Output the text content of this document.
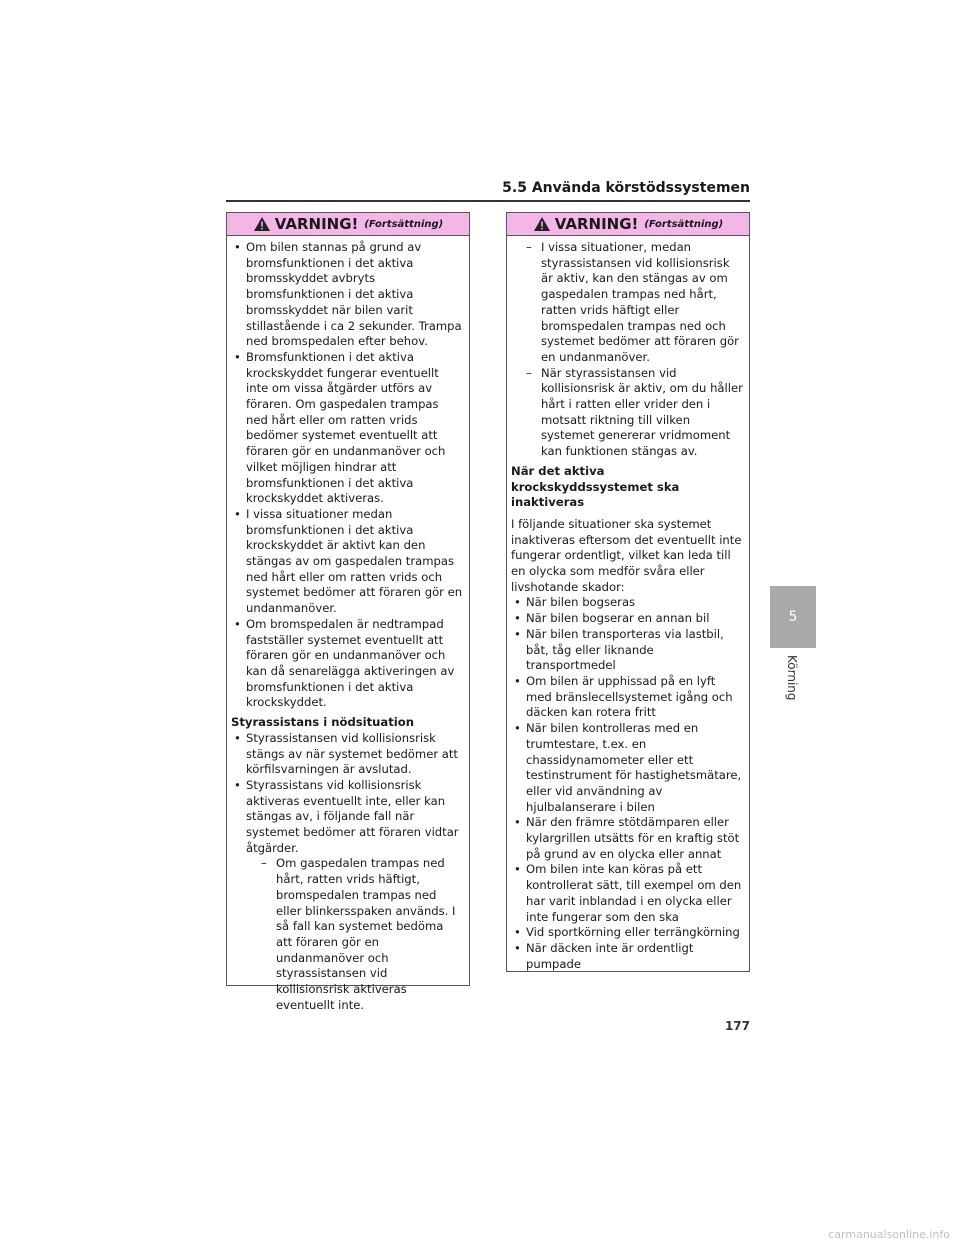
5.5 Använda körstödssystemen
VARNING! (Fortsättning)
• Om bilen stannas på grund av bromsfunktionen i det aktiva bromsskyddet avbryts bromsfunktionen i det aktiva bromsskyddet när bilen varit stillastående i ca 2 sekunder. Trampa ned bromspedalen efter behov.
• Bromsfunktionen i det aktiva krockskyddet fungerar eventuellt inte om vissa åtgärder utförs av föraren. Om gaspedalen trampas ned hårt eller om ratten vrids bedömer systemet eventuellt att föraren gör en undanmanöver och vilket möjligen hindrar att bromsfunktionen i det aktiva krockskyddet aktiveras.
• I vissa situationer medan bromsfunktionen i det aktiva krockskyddet är aktivt kan den stängas av om gaspedalen trampas ned hårt eller om ratten vrids och systemet bedömer att föraren gör en undanmanöver.
• Om bromspedalen är nedtrampad fastställer systemet eventuellt att föraren gör en undanmanöver och kan då senarelägga aktiveringen av bromsfunktionen i det aktiva krockskyddet.
Styrassistans i nödsituation
• Styrassistansen vid kollisionsrisk stängs av när systemet bedömer att körfilsvarningen är avslutad.
• Styrassistans vid kollisionsrisk aktiveras eventuellt inte, eller kan stängas av, i följande fall när systemet bedömer att föraren vidtar åtgärder.
– Om gaspedalen trampas ned hårt, ratten vrids häftigt, bromspedalen trampas ned eller blinkersspaken används. I så fall kan systemet bedöma att föraren gör en undanmanöver och styrassistansen vid kollisionsrisk aktiveras eventuellt inte.
VARNING! (Fortsättning)
– I vissa situationer, medan styrassistansen vid kollisionsrisk är aktiv, kan den stängas av om gaspedalen trampas ned hårt, ratten vrids häftigt eller bromspedalen trampas ned och systemet bedömer att föraren gör en undanmanöver.
– När styrassistansen vid kollisionsrisk är aktiv, om du håller hårt i ratten eller vrider den i motsatt riktning till vilken systemet genererar vridmoment kan funktionen stängas av.
När det aktiva krockskyddssystemet ska inaktiveras
I följande situationer ska systemet inaktiveras eftersom det eventuellt inte fungerar ordentligt, vilket kan leda till en olycka som medför svåra eller livshotande skador:
• När bilen bogseras
• När bilen bogserar en annan bil
• När bilen transporteras via lastbil, båt, tåg eller liknande transportmedel
• Om bilen är upphissad på en lyft med bränslecellsystemet igång och däcken kan rotera fritt
• När bilen kontrolleras med en trumtestare, t.ex. en chassidynamometer eller ett testinstrument för hastighetsmätare, eller vid användning av hjulbalanserare i bilen
• När den främre stötdämparen eller kylargrillen utsätts för en kraftig stöt på grund av en olycka eller annat
• Om bilen inte kan köras på ett kontrollerat sätt, till exempel om den har varit inblandad i en olycka eller inte fungerar som den ska
• Vid sportkörning eller terrängkörning
• När däcken inte är ordentligt pumpade
5
Körning
177
carmanualsonline.info
